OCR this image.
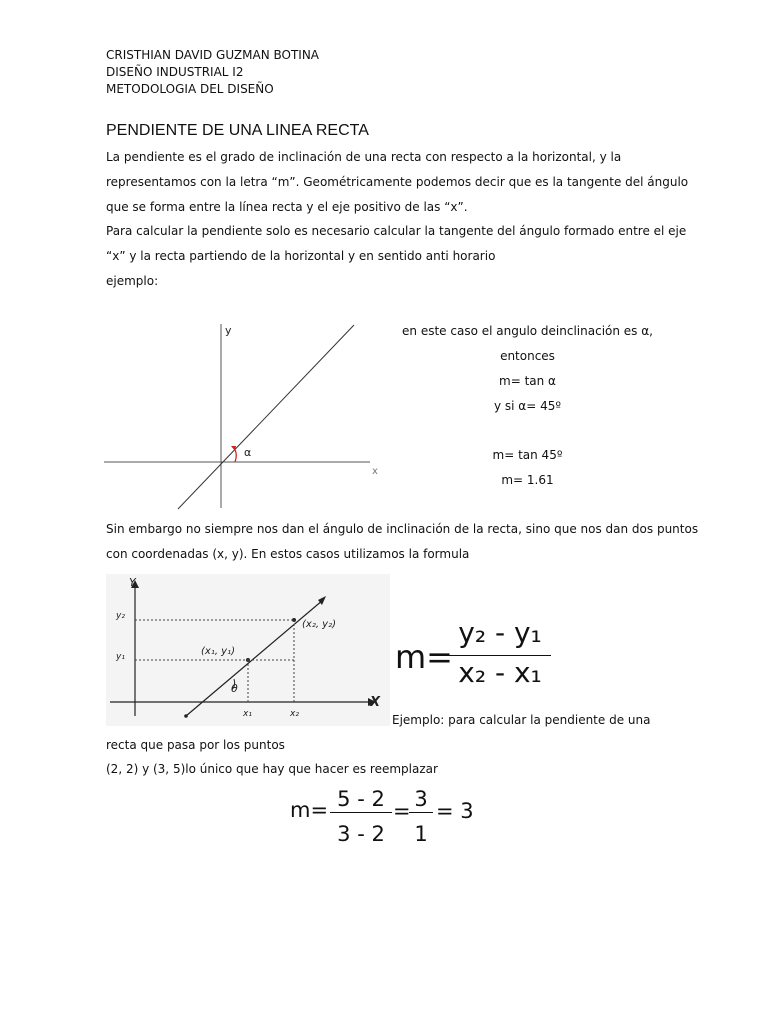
CRISTHIAN DAVID GUZMAN BOTINA
DISEÑO INDUSTRIAL I2
METODOLOGIA DEL DISEÑO
PENDIENTE DE UNA LINEA RECTA
La pendiente es el grado de inclinación de una recta con respecto a la horizontal, y la
representamos con la letra “m”. Geométricamente podemos decir que es la tangente del ángulo
que se forma entre la línea recta y el eje positivo de las “x”.
Para calcular la pendiente solo es necesario calcular la tangente del ángulo formado entre el eje
“x” y la recta partiendo de la horizontal y en sentido anti horario
ejemplo:
y
x
α
en este caso el angulo deinclinación es α,
entonces
m= tan α
y si α= 45º
m= tan 45º
m= 1.61
Sin embargo no siempre nos dan el ángulo de inclinación de la recta, sino que nos dan dos puntos
con coordenadas (x, y). En estos casos utilizamos la formula
Y
X
y₂
y₁
x₁	x₂
(x₁, y₁)
(x₂, y₂)
θ
m=
y₂ - y₁
x₂ - x₁
Ejemplo: para calcular la pendiente de una
recta que pasa por los puntos
(2, 2) y (3, 5)lo único que hay que hacer es reemplazar
m= 5 - 2
3 - 2
= 3
1
= 3
